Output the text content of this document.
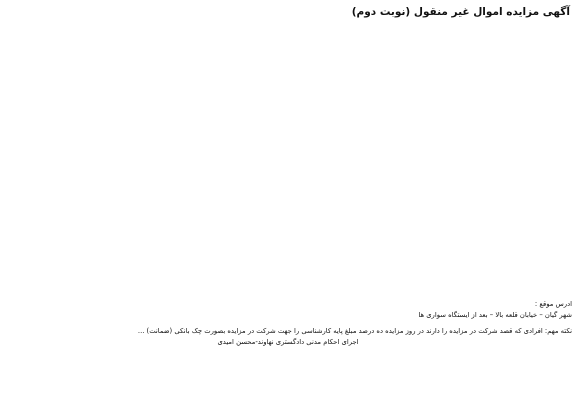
آگهی مزایده اموال غیر منقول (نوبت دوم)
ادرس موقع :
شهر گیان – خیابان قلعه بالا – بعد از ایستگاه سواری ها
نکته مهم: افرادی که قصد شرکت در مزایده را دارند در روز مزایده ده درصد مبلغ پایه کارشناسی را جهت شرکت در مزایده بصورت چک بانکی (ضمانت) ...
اجرای احکام مدنی دادگستری نهاوند-محسن امیدی
